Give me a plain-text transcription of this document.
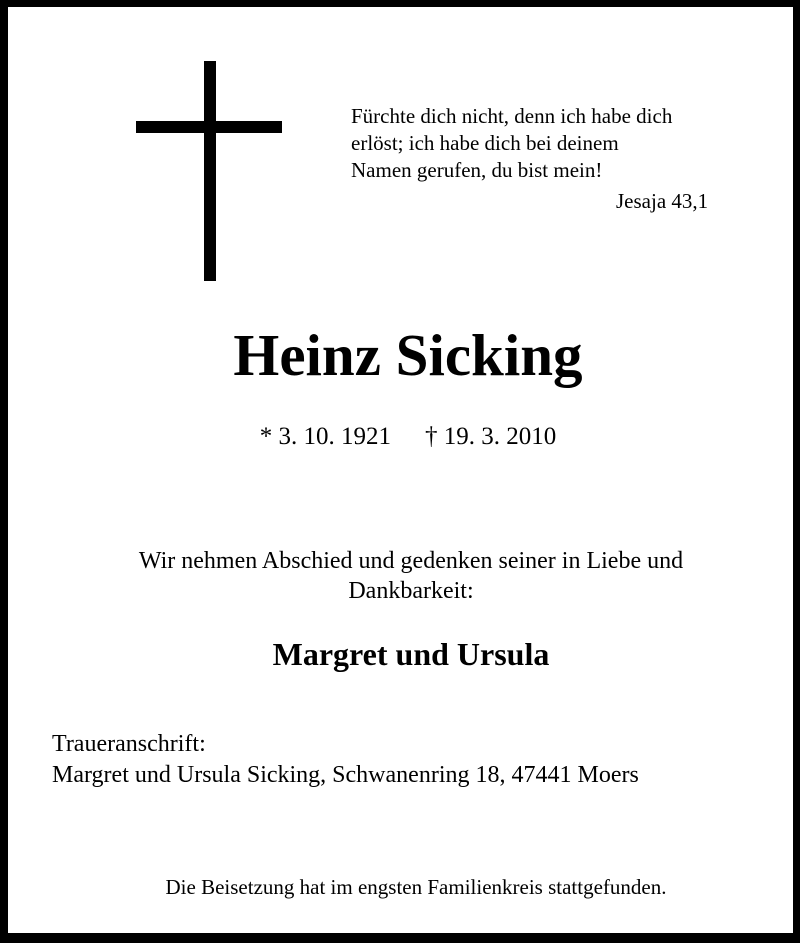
Fürchte dich nicht, denn ich habe dich
erlöst; ich habe dich bei deinem
Namen gerufen, du bist mein!
Jesaja 43,1
Heinz Sicking
* 3. 10. 1921 † 19. 3. 2010
Wir nehmen Abschied und gedenken seiner in Liebe und
Dankbarkeit:
Margret und Ursula
Traueranschrift:
Margret und Ursula Sicking, Schwanenring 18, 47441 Moers
Die Beisetzung hat im engsten Familienkreis stattgefunden.
